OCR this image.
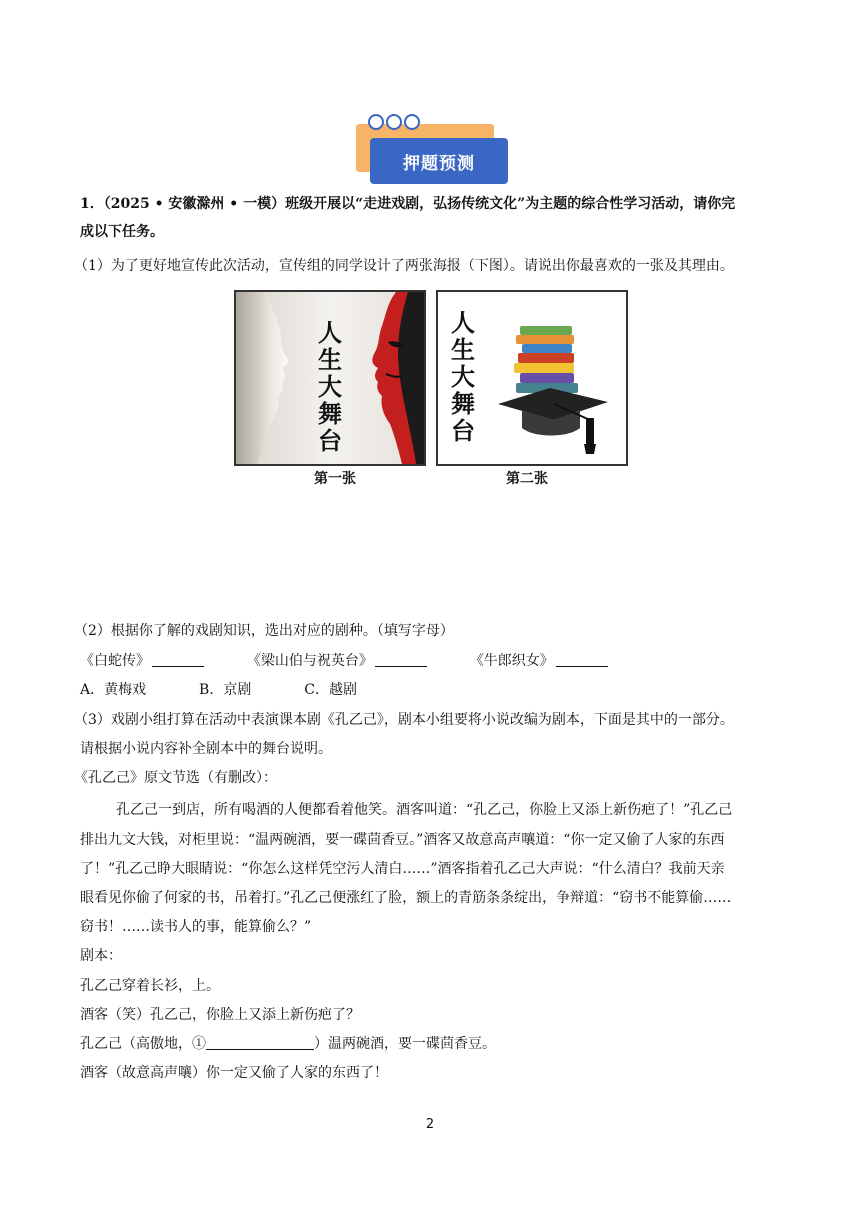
押题预测
1．（2025 • 安徽滁州 • 一模）班级开展以“走进戏剧，弘扬传统文化”为主题的综合性学习活动，请你完
成以下任务。
（1）为了更好地宣传此次活动，宣传组的同学设计了两张海报（下图）。请说出你最喜欢的一张及其理由。
人
生
大
舞
台
第一张
人
生
大
舞
台
第二张
（2）根据你了解的戏剧知识，选出对应的剧种。（填写字母）
《白蛇传》	《梁山伯与祝英台》	《牛郎织女》
A．黄梅戏	B．京剧	C．越剧
（3）戏剧小组打算在活动中表演课本剧《孔乙己》，剧本小组要将小说改编为剧本，下面是其中的一部分。
请根据小说内容补全剧本中的舞台说明。
《孔乙己》原文节选（有删改）：
孔乙己一到店，所有喝酒的人便都看着他笑。酒客叫道：“孔乙己，你脸上又添上新伤疤了！”孔乙己
排出九文大钱，对柜里说：“温两碗酒，要一碟茴香豆。”酒客又故意高声嚷道：“你一定又偷了人家的东西
了！”孔乙己睁大眼睛说：“你怎么这样凭空污人清白……”酒客指着孔乙己大声说：“什么清白？我前天亲
眼看见你偷了何家的书，吊着打。”孔乙己便涨红了脸，额上的青筋条条绽出，争辩道：“窃书不能算偷……
窃书！……读书人的事，能算偷么？”
剧本：
孔乙己穿着长衫，上。
酒客（笑）孔乙己，你脸上又添上新伤疤了？
孔乙己（高傲地，①	）温两碗酒，要一碟茴香豆。
酒客（故意高声嚷）你一定又偷了人家的东西了！
2
